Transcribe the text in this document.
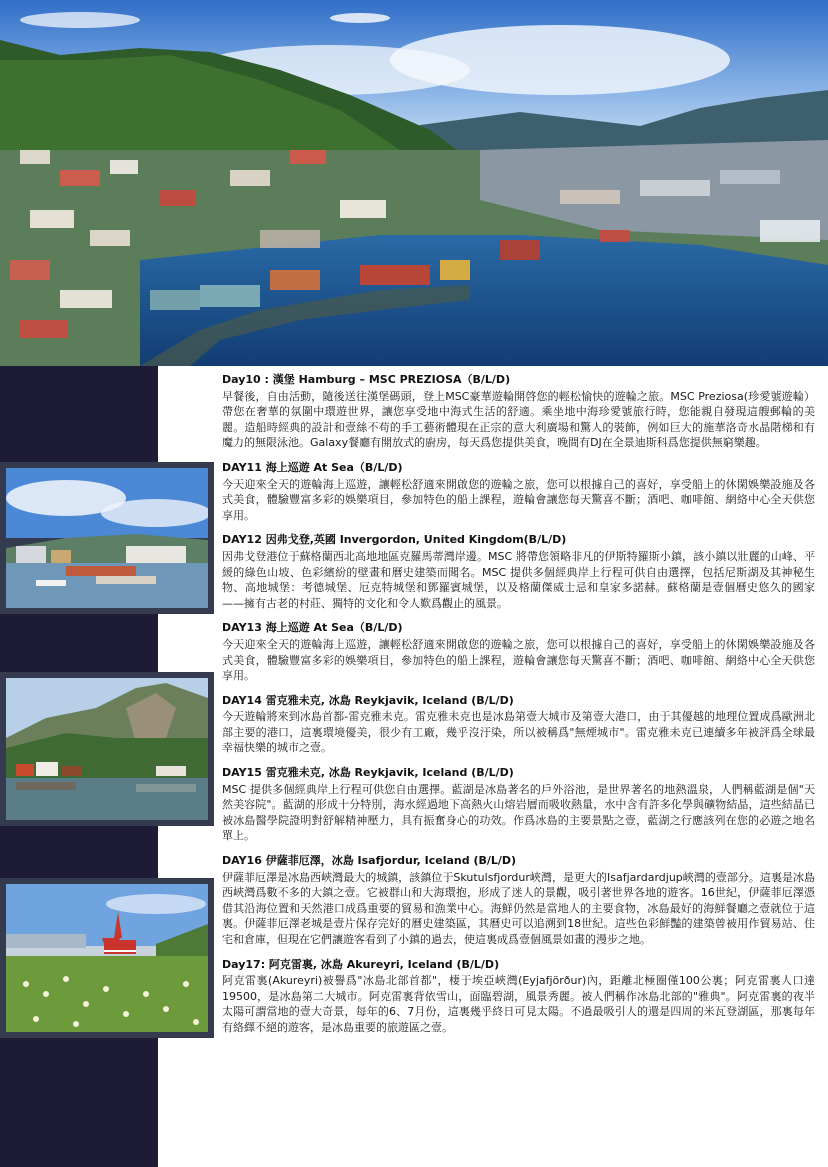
Day10 : 漢堡 Hamburg – MSC PREZIOSA（B/L/D)

早餐後，自由活動，隨後送往漢堡碼頭，登上MSC豪華遊輪開啓您的輕松愉快的遊輪之旅。MSC Preziosa(珍愛號遊輪）帶您在奢華的氛圍中環遊世界，讓您享受地中海式生活的舒適。乘坐地中海珍愛號旅行時，您能親自發現這艘郵輪的美麗。造船時經典的設計和壹絲不苟的手工藝術體現在正宗的意大利廣場和驚人的裝飾，例如巨大的施華洛奇水晶階梯和有魔力的無限泳池。Galaxy餐廳有開放式的廚房，每天爲您提供美食，晚間有DJ在全景迪斯科爲您提供無窮樂趣。

DAY11 海上巡遊 At Sea（B/L/D)

今天迎來全天的遊輪海上巡遊，讓輕松舒適來開啟您的遊輪之旅，您可以根據自己的喜好，享受船上的休閑娛樂設施及各式美食，體驗豐富多彩的娛樂項目，參加特色的船上課程，遊輪會讓您每天驚喜不斷；酒吧、咖啡館、網絡中心全天供您享用。

DAY12 因弗戈登,英國 Invergordon, United Kingdom(B/L/D)

因弗戈登港位于蘇格蘭西北高地地區克羅馬蒂灣岸邊。MSC 將帶您領略非凡的伊斯特羅斯小鎮，該小鎮以壯麗的山峰、平緩的綠色山坡、色彩繽紛的壁畫和曆史建築而聞名。MSC 提供多個經典岸上行程可供自由選擇，包括尼斯湖及其神秘生物、高地城堡：考德城堡、厄克特城堡和鄧羅賓城堡，以及格蘭傑威士忌和皇家多諾赫。蘇格蘭是壹個曆史悠久的國家——擁有古老的村莊、獨特的文化和令人歎爲觀止的風景。

DAY13 海上巡遊 At Sea（B/L/D)

今天迎來全天的遊輪海上巡遊，讓輕松舒適來開啟您的遊輪之旅，您可以根據自己的喜好，享受船上的休閑娛樂設施及各式美食，體驗豐富多彩的娛樂項目，參加特色的船上課程，遊輪會讓您每天驚喜不斷；酒吧、咖啡館、網絡中心全天供您享用。

DAY14 雷克雅未克, 冰島 Reykjavik, Iceland (B/L/D)

今天遊輪將來到冰島首都-雷克雅未克。雷克雅未克也是冰島第壹大城市及第壹大港口，由于其優越的地理位置成爲歐洲北部主要的港口，這裏環境優美，很少有工廠，幾乎沒汙染，所以被稱爲"無煙城市"。雷克雅未克已連續多年被評爲全球最幸福快樂的城市之壹。

DAY15 雷克雅未克, 冰島 Reykjavik, Iceland (B/L/D)

MSC 提供多個經典岸上行程可供您自由選擇。藍湖是冰島著名的戶外浴池，是世界著名的地熱溫泉，人們稱藍湖是個"天然美容院"。藍湖的形成十分特別，海水經過地下高熱火山熔岩層而吸收熱量，水中含有許多化學與礦物結晶，這些結晶已被冰島醫學院證明對舒解精神壓力，具有振奮身心的功效。作爲冰島的主要景點之壹，藍湖之行應該列在您的必遊之地名單上。

DAY16 伊薩菲厄澤，冰島 Isafjordur, Iceland (B/L/D)

伊薩菲厄澤是冰島西峽灣最大的城鎮，該鎮位于Skutulsfjordur峽灣，是更大的Isafjardardjup峽灣的壹部分。這裏是冰島西峽灣爲數不多的大鎮之壹。它被群山和大海環抱，形成了迷人的景觀，吸引著世界各地的遊客。16世紀，伊薩菲厄澤憑借其沿海位置和天然港口成爲重要的貿易和漁業中心。海鮮仍然是當地人的主要食物，冰島最好的海鮮餐廳之壹就位于這裏。伊薩菲厄澤老城是壹片保存完好的曆史建築區，其曆史可以追溯到18世紀。這些色彩鮮豔的建築曾被用作貿易站、住宅和倉庫，但現在它們讓遊客看到了小鎮的過去，使這裏成爲壹個風景如畫的漫步之地。

Day17: 阿克雷裏, 冰島 Akureyri, Iceland (B/L/D)

阿克雷裏(Akureyri)被譽爲"冰島北部首都"，棲于埃亞峽灣(Eyjafjörður)內，距離北極圈僅100公裏；阿克雷裏人口達19500，是冰島第二大城市。阿克雷裏背依雪山，面臨碧湖，風景秀麗。被人們稱作冰島北部的"雅典"。阿克雷裏的夜半太陽可謂當地的壹大奇景，每年的6、7月份，這裏幾乎終日可見太陽。不過最吸引人的還是四周的米瓦登湖區，那裏每年有絡繹不絕的遊客，是冰島重要的旅遊區之壹。
